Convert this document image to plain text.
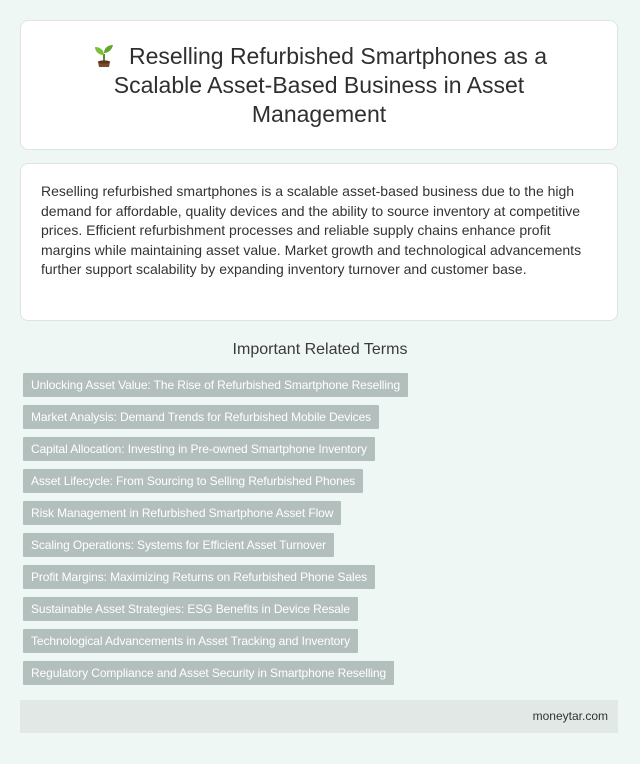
Reselling Refurbished Smartphones as a Scalable Asset-Based Business in Asset Management

Reselling refurbished smartphones is a scalable asset-based business due to the high demand for affordable, quality devices and the ability to source inventory at competitive prices. Efficient refurbishment processes and reliable supply chains enhance profit margins while maintaining asset value. Market growth and technological advancements further support scalability by expanding inventory turnover and customer base.

Important Related Terms
Unlocking Asset Value: The Rise of Refurbished Smartphone Reselling
Market Analysis: Demand Trends for Refurbished Mobile Devices
Capital Allocation: Investing in Pre-owned Smartphone Inventory
Asset Lifecycle: From Sourcing to Selling Refurbished Phones
Risk Management in Refurbished Smartphone Asset Flow
Scaling Operations: Systems for Efficient Asset Turnover
Profit Margins: Maximizing Returns on Refurbished Phone Sales
Sustainable Asset Strategies: ESG Benefits in Device Resale
Technological Advancements in Asset Tracking and Inventory
Regulatory Compliance and Asset Security in Smartphone Reselling
moneytar.com
